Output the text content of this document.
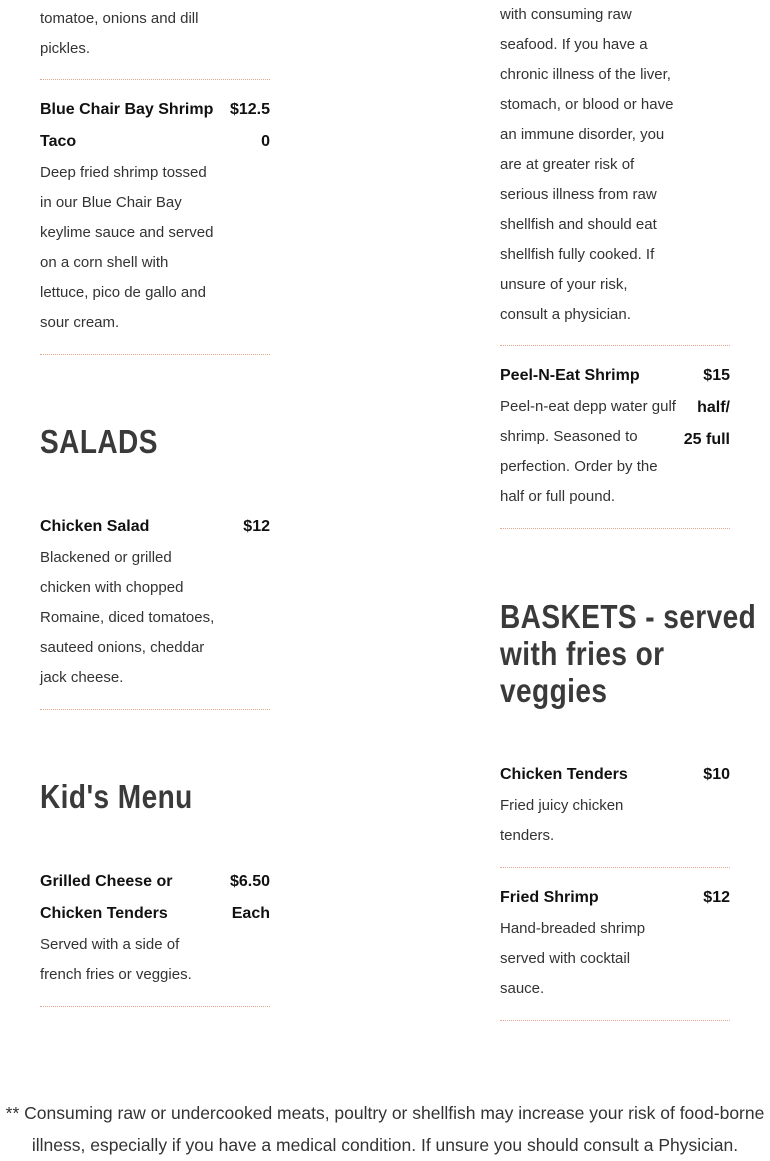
tomatoe, onions and dill
pickles.
Blue Chair Bay Shrimp
Taco
$12.5
0
Deep fried shrimp tossed
in our Blue Chair Bay
keylime sauce and served
on a corn shell with
lettuce, pico de gallo and
sour cream.
SALADS
Chicken Salad	$12
Blackened or grilled
chicken with chopped
Romaine, diced tomatoes,
sauteed onions, cheddar
jack cheese.
Kid's Menu
Grilled Cheese or
Chicken Tenders
$6.50
Each
Served with a side of
french fries or veggies.
with consuming raw
seafood. If you have a
chronic illness of the liver,
stomach, or blood or have
an immune disorder, you
are at greater risk of
serious illness from raw
shellfish and should eat
shellfish fully cooked. If
unsure of your risk,
consult a physician.
Peel-N-Eat Shrimp	$15
half/
25 full
Peel-n-eat depp water gulf
shrimp. Seasoned to
perfection. Order by the
half or full pound.
BASKETS - served
with fries or
veggies
Chicken Tenders	$10
Fried juicy chicken
tenders.
Fried Shrimp	$12
Hand-breaded shrimp
served with cocktail
sauce.
** Consuming raw or undercooked meats, poultry or shellfish may increase your risk of food-borne
illness, especially if you have a medical condition. If unsure you should consult a Physician.
